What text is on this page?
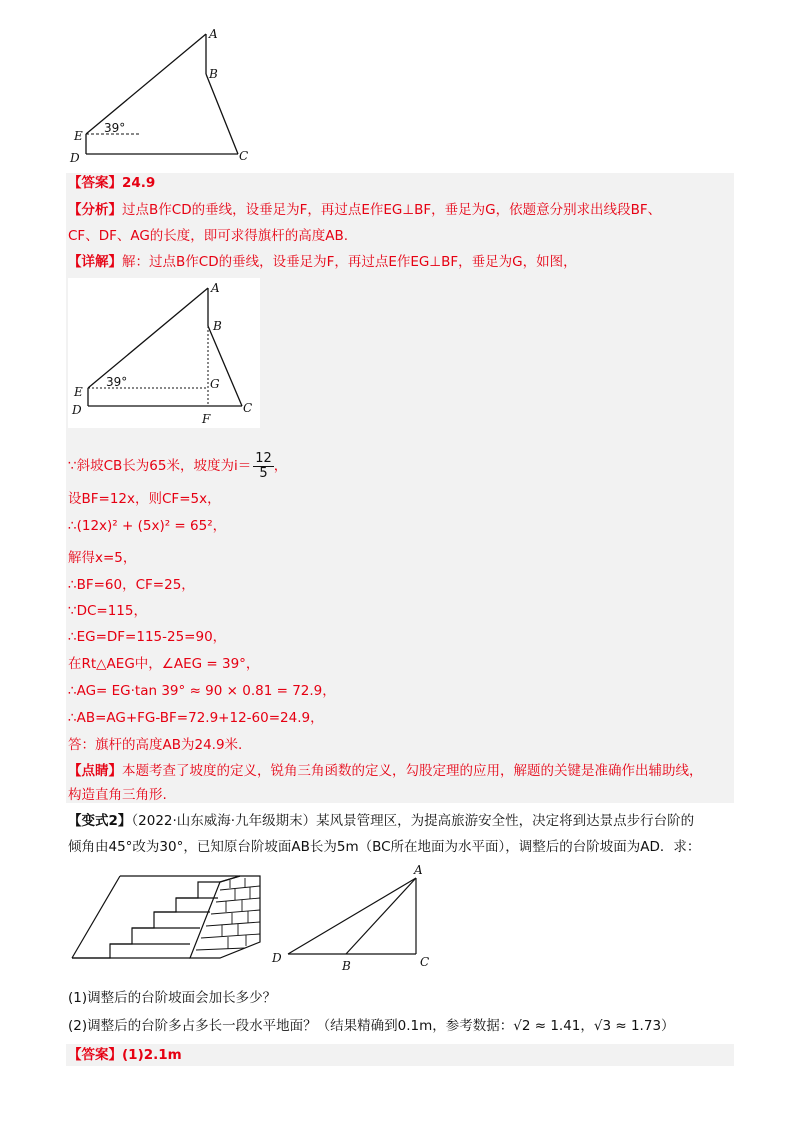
A
B
C
D
E
39°
【答案】24.9
【分析】过点B作CD的垂线，设垂足为F，再过点E作EG⊥BF，垂足为G，依题意分别求出线段BF、
CF、DF、AG的长度，即可求得旗杆的高度AB.
【详解】解：过点B作CD的垂线，设垂足为F，再过点E作EG⊥BF，垂足为G，如图，
A
B
C
D
E
F
G
39°
∵斜坡CB长为65米，坡度为$i= \frac{12}{5}$ ，
设BF=12x，则CF=5x，
∴(12x)² + (5x)² = 65²，
解得x=5，
∴BF=60，CF=25，
∵DC=115，
∴EG=DF=115-25=90，
在Rt△AEG中，∠AEG = 39°，
∴AG= EG·tan 39° ≈ 90 × 0.81 = 72.9，
∴AB=AG+FG-BF=72.9+12-60=24.9，
答：旗杆的高度AB为24.9米.
【点睛】本题考查了坡度的定义，锐角三角函数的定义，勾股定理的应用，解题的关键是准确作出辅助线，
构造直角三角形.
【变式2】（2022·山东威海·九年级期末）某风景管理区，为提高旅游安全性，决定将到达景点步行台阶的
倾角由45°改为30°，已知原台阶坡面AB长为5m（BC所在地面为水平面），调整后的台阶坡面为AD．求：
A
B	C
D
(1)调整后的台阶坡面会加长多少？
(2)调整后的台阶多占多长一段水平地面？（结果精确到0.1m，参考数据：√2 ≈ 1.41，√3 ≈ 1.73）
【答案】(1)2.1m
